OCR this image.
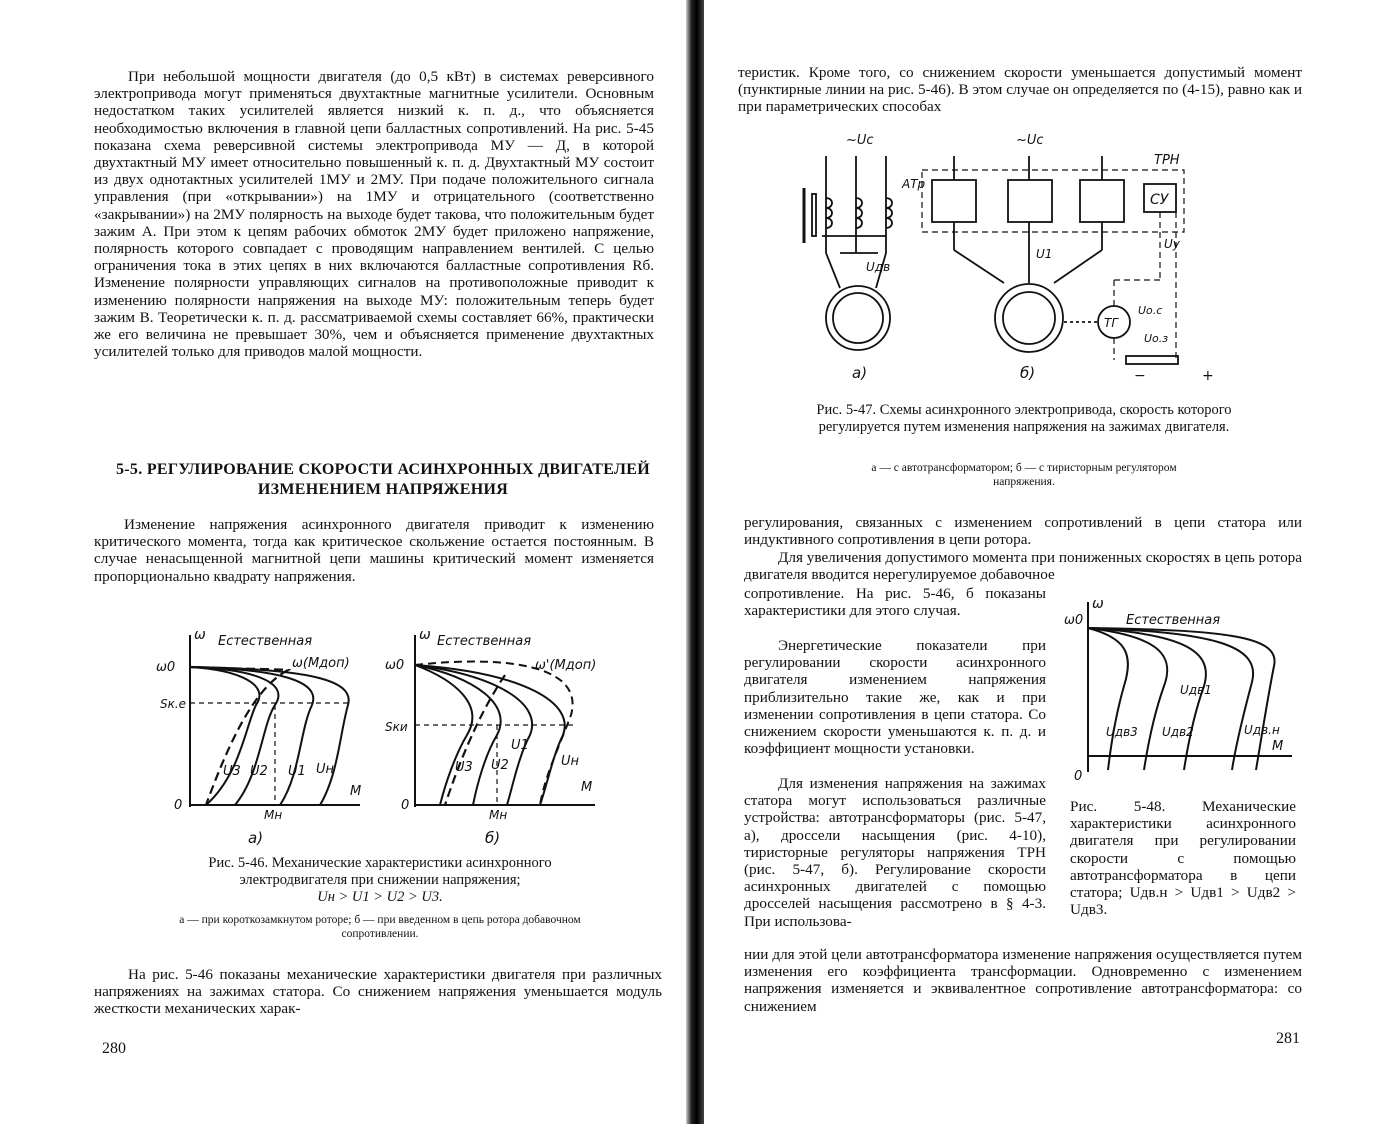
При небольшой мощности двигателя (до 0,5 кВт) в системах реверсивного электропривода могут применяться двухтактные магнитные усилители. Основным недостатком таких усилителей является низкий к. п. д., что объясняется необходимостью включения в главной цепи балластных сопротивлений. На рис. 5-45 показана схема реверсивной системы электропривода МУ — Д, в которой двухтактный МУ имеет относительно повышенный к. п. д. Двухтактный МУ состоит из двух однотактных усилителей 1МУ и 2МУ. При подаче положительного сигнала управления (при «открывании») на 1МУ и отрицательного (соответственно «закрывании») на 2МУ полярность на выходе будет такова, что положительным будет зажим А. При этом к цепям рабочих обмоток 2МУ будет приложено напряжение, полярность которого совпадает с проводящим направлением вентилей. С целью ограничения тока в этих цепях в них включаются балластные сопротивления Rб. Изменение полярности управляющих сигналов на противоположные приводит к изменению полярности напряжения на выходе МУ: положительным теперь будет зажим В. Теоретически к. п. д. рассматриваемой схемы составляет 66%, практически же его величина не превышает 30%, чем и объясняется применение двухтактных усилителей только для приводов малой мощности.

5-5. РЕГУЛИРОВАНИЕ СКОРОСТИ АСИНХРОННЫХ ДВИГАТЕЛЕЙ ИЗМЕНЕНИЕМ НАПРЯЖЕНИЯ

Изменение напряжения асинхронного двигателя приводит к изменению критического момента, тогда как критическое скольжение остается постоянным. В случае ненасыщенной магнитной цепи машины критический момент изменяется пропорционально квадрату напряжения.

ω
ω0
Sк.е
0
M
Mн
Естественная
ω(Mдоп)
U3 U2 U1 Uн
а)
ω
ω0
Sки
0
M
Mн
Естественная
ω'(Mдоп)
U3 U2
U1
Uн
б)

Рис. 5-46. Механические характеристики асинхронного электродвигателя при снижении напряжения;

Uн > U1 > U2 > U3.

а — при короткозамкнутом роторе; б — при введенном в цепь ротора добавочном сопротивлении.

На рис. 5-46 показаны механические характеристики двигателя при различных напряжениях на зажимах статора. Со снижением напряжения уменьшается модуль жесткости механических харак-

280

теристик. Кроме того, со снижением скорости уменьшается допустимый момент (пунктирные линии на рис. 5-46). В этом случае он определяется по (4-15), равно как и при параметрических способах

~Uc	~Uc
АТр
ТРН
СУ
ТГ
Uдв
U1
Uу
Uо.с
Uо.з
−	+
а)	б)

Рис. 5-47. Схемы асинхронного электропривода, скорость которого регулируется путем изменения напряжения на зажимах двигателя.

а — с автотрансформатором; б — с тиристорным регулятором напряжения.

регулирования, связанных с изменением сопротивлений в цепи статора или индуктивного сопротивления в цепи ротора.

Для увеличения допустимого момента при пониженных скоростях в цепь ротора двигателя вводится нерегулируемое добавочное

сопротивление. На рис. 5-46, б показаны характеристики для этого случая.

Энергетические показатели при регулировании скорости асинхронного двигателя изменением напряжения приблизительно такие же, как и при изменении сопротивления в цепи статора. Со снижением скорости уменьшаются к. п. д. и коэффициент мощности установки.

Для изменения напряжения на зажимах статора могут использоваться различные устройства: автотрансформаторы (рис. 5-47, а), дроссели насыщения (рис. 4-10), тиристорные регуляторы напряжения ТРН (рис. 5-47, б). Регулирование скорости асинхронных двигателей с помощью дросселей насыщения рассмотрено в § 4-3. При использова-

нии для этой цели автотрансформатора изменение напряжения осуществляется путем изменения его коэффициента трансформации. Одновременно с изменением напряжения изменяется и эквивалентное сопротивление автотрансформатора: со снижением

ω
ω0	Естественная
0
M
Uдв3 Uдв2
Uдв1
Uдв.н

Рис. 5-48. Механические характеристики асинхронного двигателя при регулировании скорости с помощью автотрансформатора в цепи статора; Uдв.н > Uдв1 > Uдв2 > Uдв3.

281
